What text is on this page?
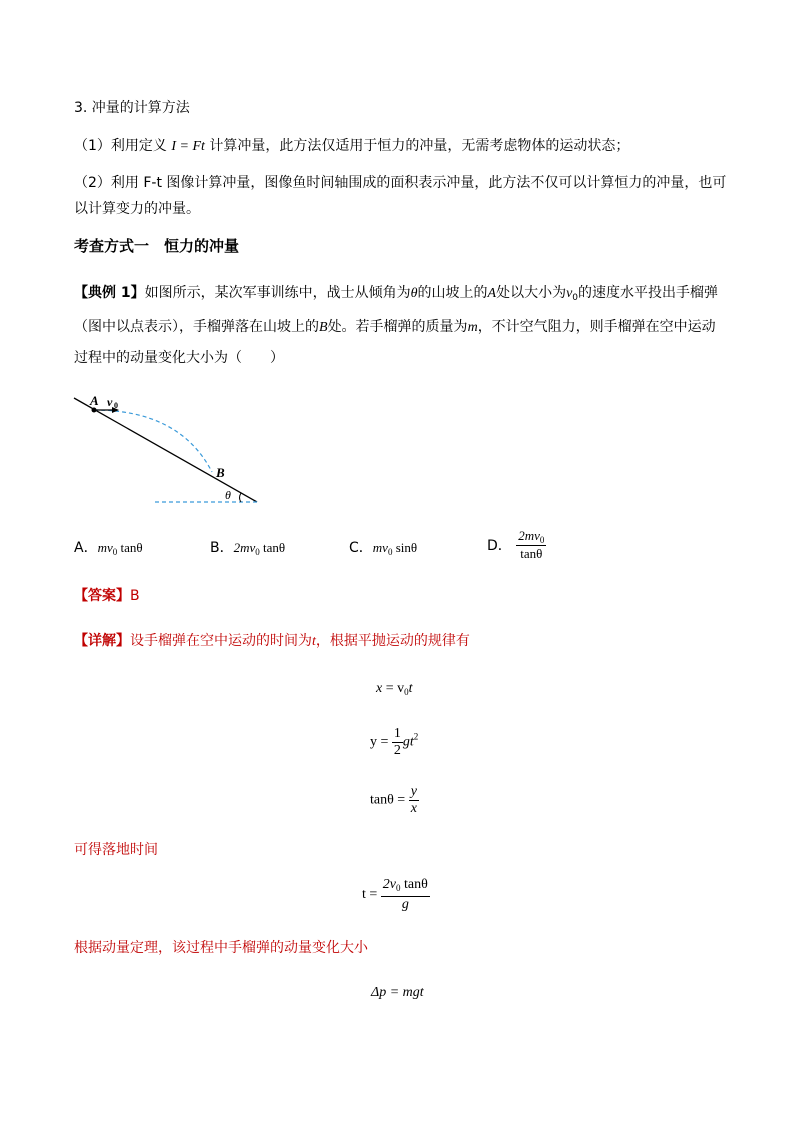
3. 冲量的计算方法
（1）利用定义 I = Ft 计算冲量，此方法仅适用于恒力的冲量，无需考虑物体的运动状态；
（2）利用 F-t 图像计算冲量，图像鱼时间轴围成的面积表示冲量，此方法不仅可以计算恒力的冲量，也可
以计算变力的冲量。
考查方式一　恒力的冲量
【典例 1】如图所示，某次军事训练中，战士从倾角为θ的山坡上的A处以大小为$v_0$的速度水平投出手榴弹
（图中以点表示），手榴弹落在山坡上的B处。若手榴弹的质量为m，不计空气阻力，则手榴弹在空中运动
过程中的动量变化大小为（　　）
A v 0
B
θ
A．$mv_0$ tanθ	B．$2mv_0$ tanθ	C．$mv_0$ sinθ	D． $\frac{2mv_0}{\tan\theta}$
【答案】B
【详解】设手榴弹在空中运动的时间为t，根据平抛运动的规律有
$x = v_0t$
$y = \frac{1}{2} gt^2$
$\tan\theta = \frac{y}{x}$
可得落地时间
$t = \frac{2v_0 \tan\theta}{g}$
根据动量定理，该过程中手榴弹的动量变化大小
Δp = mgt
